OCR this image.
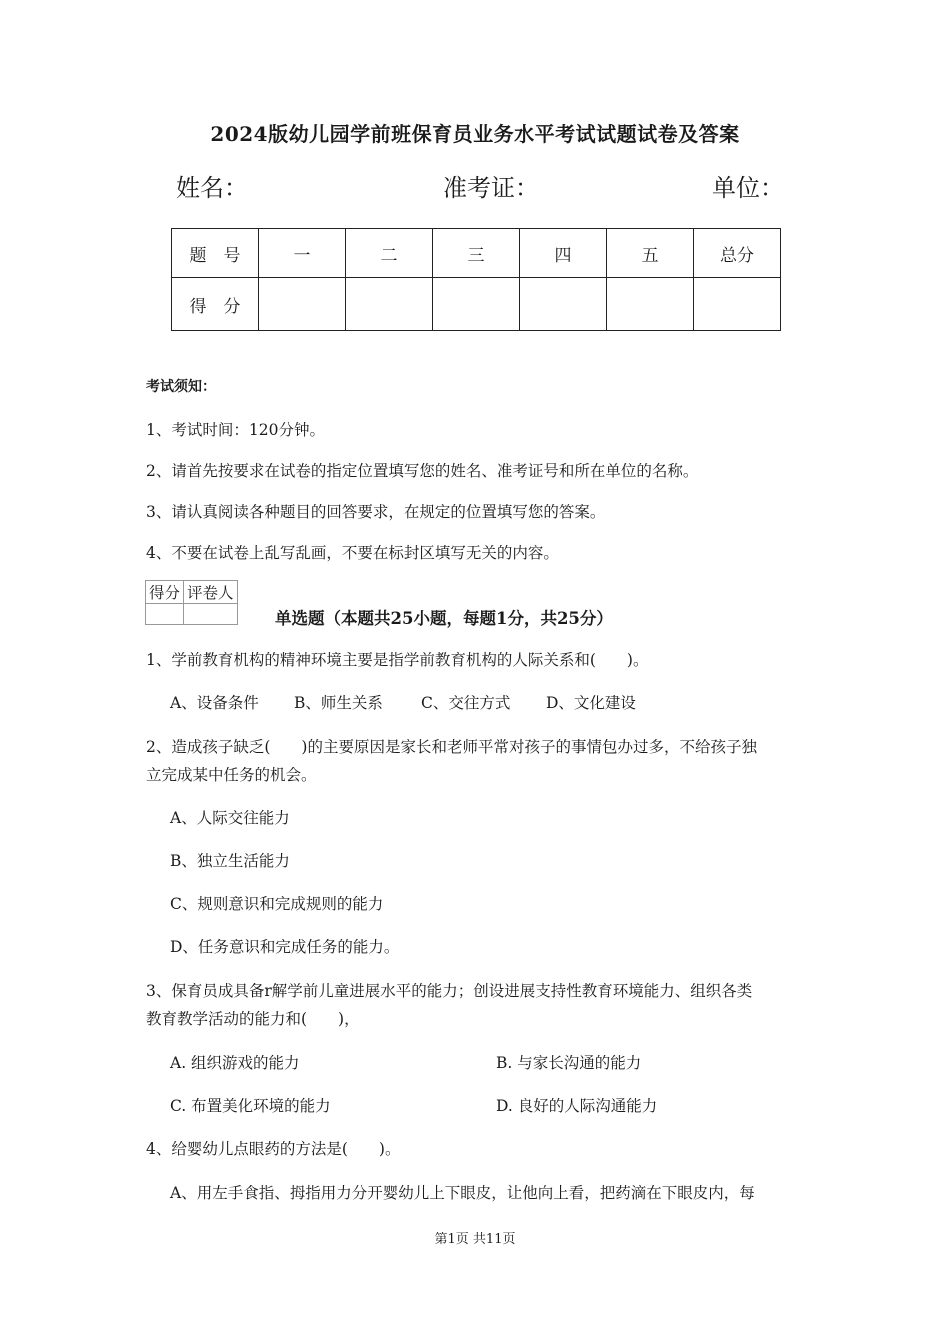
2024版幼儿园学前班保育员业务水平考试试题试卷及答案
姓名：	准考证：	单位：
题　号	一	二	三	四	五	总分
得　分						
考试须知：
1、考试时间：120分钟。
2、请首先按要求在试卷的指定位置填写您的姓名、准考证号和所在单位的名称。
3、请认真阅读各种题目的回答要求，在规定的位置填写您的答案。
4、不要在试卷上乱写乱画，不要在标封区填写无关的内容。
得分	评卷人

单选题（本题共25小题，每题1分，共25分）
1、学前教育机构的精神环境主要是指学前教育机构的人际关系和(　　)。
A、设备条件 B、师生关系 C、交往方式 D、文化建设
2、造成孩子缺乏(　　)的主要原因是家长和老师平常对孩子的事情包办过多，不给孩子独
立完成某中任务的机会。
A、人际交往能力
B、独立生活能力
C、规则意识和完成规则的能力
D、任务意识和完成任务的能力。
3、保育员成具备r解学前儿童进展水平的能力；创设进展支持性教育环境能力、组织各类
教育教学活动的能力和(　　)，
A. 组织游戏的能力	B. 与家长沟通的能力
C. 布置美化环境的能力	D. 良好的人际沟通能力
4、给婴幼儿点眼药的方法是(　　)。
A、用左手食指、拇指用力分开婴幼儿上下眼皮，让他向上看，把药滴在下眼皮内，每
第1页 共11页
